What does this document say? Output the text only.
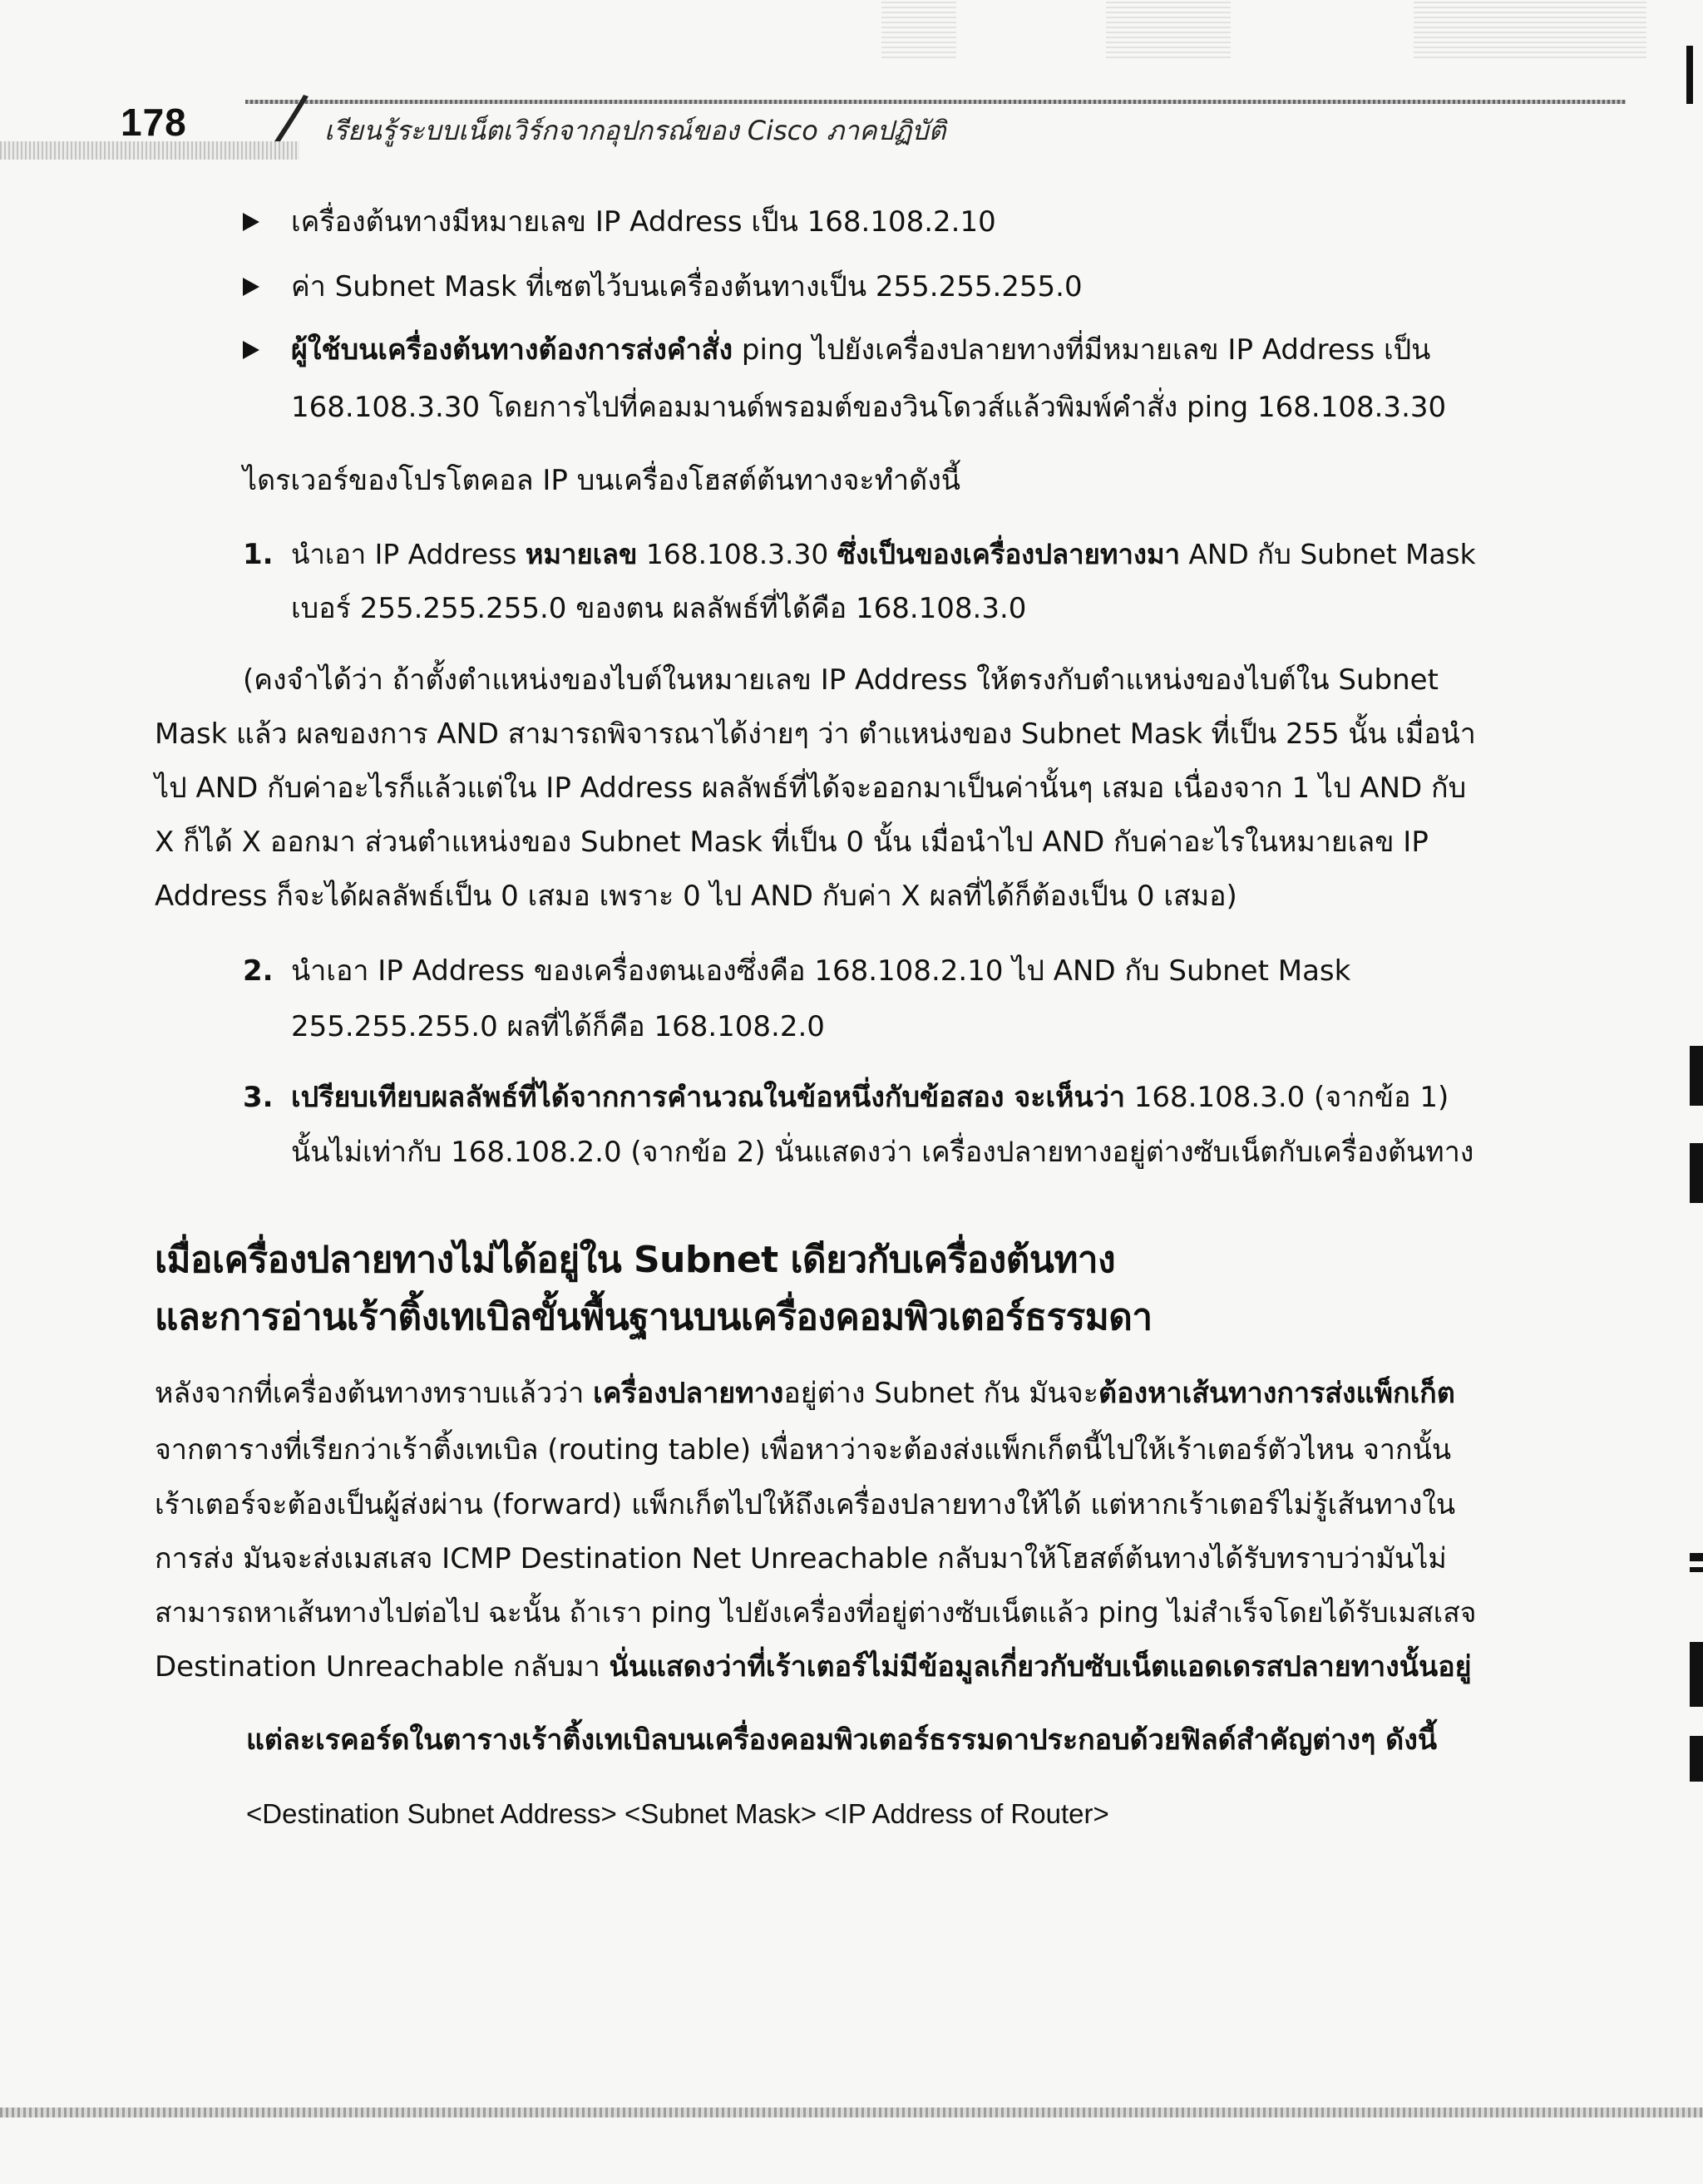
178	เรียนรู้ระบบเน็ตเวิร์กจากอุปกรณ์ของ Cisco ภาคปฏิบัติ
เครื่องต้นทางมีหมายเลข IP Address เป็น 168.108.2.10
ค่า Subnet Mask ที่เซตไว้บนเครื่องต้นทางเป็น 255.255.255.0
ผู้ใช้บนเครื่องต้นทางต้องการส่งคำสั่ง ping ไปยังเครื่องปลายทางที่มีหมายเลข IP Address เป็น
168.108.3.30 โดยการไปที่คอมมานด์พรอมต์ของวินโดวส์แล้วพิมพ์คำสั่ง ping 168.108.3.30
ไดรเวอร์ของโปรโตคอล IP บนเครื่องโฮสต์ต้นทางจะทำดังนี้
1. นำเอา IP Address หมายเลข 168.108.3.30 ซึ่งเป็นของเครื่องปลายทางมา AND กับ Subnet Mask
เบอร์ 255.255.255.0 ของตน ผลลัพธ์ที่ได้คือ 168.108.3.0
(คงจำได้ว่า ถ้าตั้งตำแหน่งของไบต์ในหมายเลข IP Address ให้ตรงกับตำแหน่งของไบต์ใน Subnet
Mask แล้ว ผลของการ AND สามารถพิจารณาได้ง่ายๆ ว่า ตำแหน่งของ Subnet Mask ที่เป็น 255 นั้น เมื่อนำ
ไป AND กับค่าอะไรก็แล้วแต่ใน IP Address ผลลัพธ์ที่ได้จะออกมาเป็นค่านั้นๆ เสมอ เนื่องจาก 1 ไป AND กับ
X ก็ได้ X ออกมา ส่วนตำแหน่งของ Subnet Mask ที่เป็น 0 นั้น เมื่อนำไป AND กับค่าอะไรในหมายเลข IP
Address ก็จะได้ผลลัพธ์เป็น 0 เสมอ เพราะ 0 ไป AND กับค่า X ผลที่ได้ก็ต้องเป็น 0 เสมอ)
2. นำเอา IP Address ของเครื่องตนเองซึ่งคือ 168.108.2.10 ไป AND กับ Subnet Mask
255.255.255.0 ผลที่ได้ก็คือ 168.108.2.0
3. เปรียบเทียบผลลัพธ์ที่ได้จากการคำนวณในข้อหนึ่งกับข้อสอง จะเห็นว่า 168.108.3.0 (จากข้อ 1)
นั้นไม่เท่ากับ 168.108.2.0 (จากข้อ 2) นั่นแสดงว่า เครื่องปลายทางอยู่ต่างซับเน็ตกับเครื่องต้นทาง
เมื่อเครื่องปลายทางไม่ได้อยู่ใน Subnet เดียวกับเครื่องต้นทาง
และการอ่านเร้าติ้งเทเบิลขั้นพื้นฐานบนเครื่องคอมพิวเตอร์ธรรมดา
หลังจากที่เครื่องต้นทางทราบแล้วว่า เครื่องปลายทางอยู่ต่าง Subnet กัน มันจะต้องหาเส้นทางการส่งแพ็กเก็ต
จากตารางที่เรียกว่าเร้าติ้งเทเบิล (routing table) เพื่อหาว่าจะต้องส่งแพ็กเก็ตนี้ไปให้เร้าเตอร์ตัวไหน จากนั้น
เร้าเตอร์จะต้องเป็นผู้ส่งผ่าน (forward) แพ็กเก็ตไปให้ถึงเครื่องปลายทางให้ได้ แต่หากเร้าเตอร์ไม่รู้เส้นทางใน
การส่ง มันจะส่งเมสเสจ ICMP Destination Net Unreachable กลับมาให้โฮสต์ต้นทางได้รับทราบว่ามันไม่
สามารถหาเส้นทางไปต่อไป ฉะนั้น ถ้าเรา ping ไปยังเครื่องที่อยู่ต่างซับเน็ตแล้ว ping ไม่สำเร็จโดยได้รับเมสเสจ
Destination Unreachable กลับมา นั่นแสดงว่าที่เร้าเตอร์ไม่มีข้อมูลเกี่ยวกับซับเน็ตแอดเดรสปลายทางนั้นอยู่
แต่ละเรคอร์ดในตารางเร้าติ้งเทเบิลบนเครื่องคอมพิวเตอร์ธรรมดาประกอบด้วยฟิลด์สำคัญต่างๆ ดังนี้
<Destination Subnet Address> <Subnet Mask> <IP Address of Router>
